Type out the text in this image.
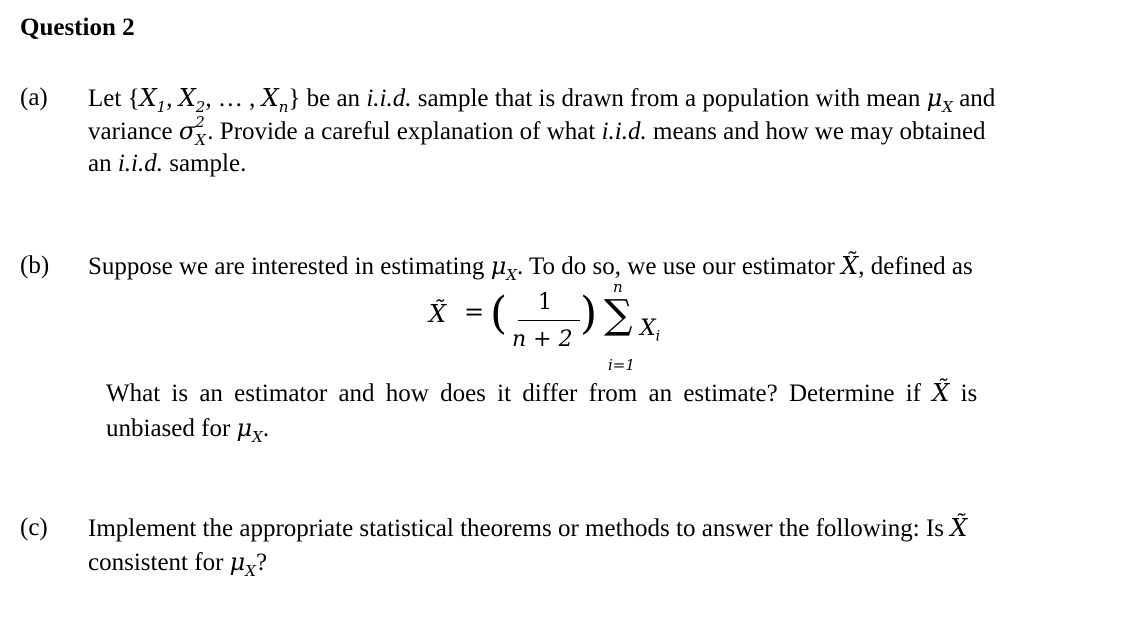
Question 2
(a) Let {$X_1$, $X_2$, … , $X_n$} be an i.i.d. sample that is drawn from a population with mean $\mu_X$ and
variance σ 2
X . Provide a careful explanation of what i.i.d. means and how we may obtained
an i.i.d. sample.
(b) Suppose we are interested in estimating $\mu_X$. To do so, we use our estimator X̃, defined as
X̃ = ( 1
n + 2
) ∑
n
i=1
$X_i$
What is an estimator and how does it differ from an estimate? Determine if X̃ is
unbiased for $\mu_X$.
(c) Implement the appropriate statistical theorems or methods to answer the following: Is X̃
consistent for $\mu_X$?
